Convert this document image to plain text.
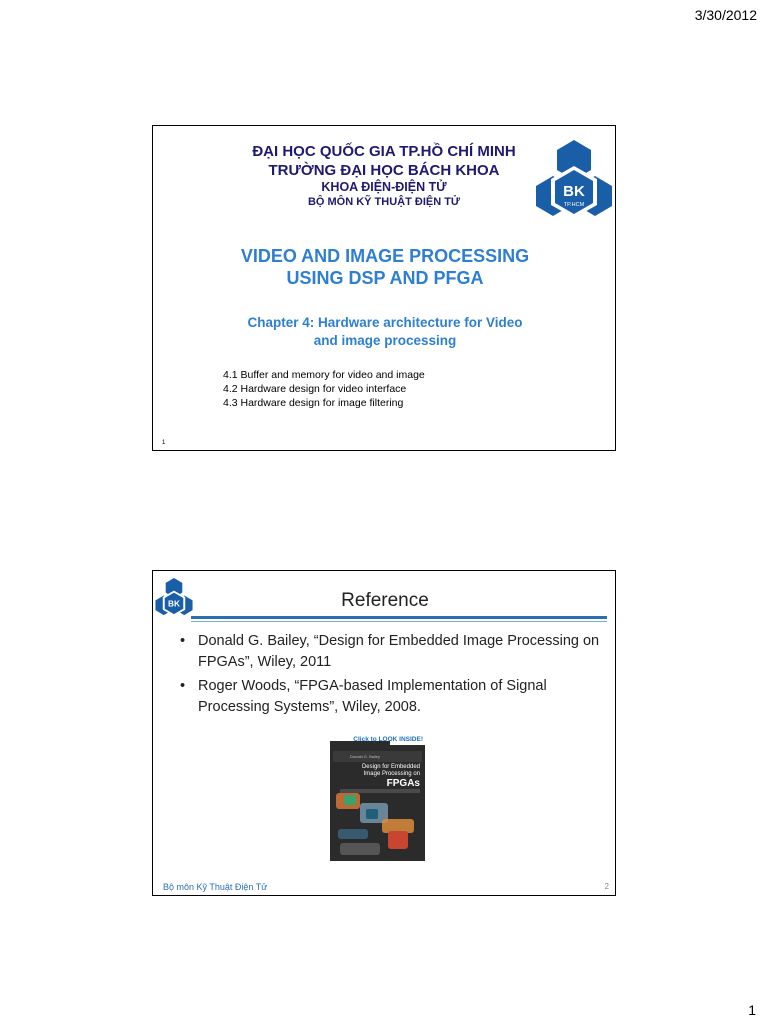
3/30/2012
ĐẠI HỌC QUỐC GIA TP.HỒ CHÍ MINH
TRƯỜNG ĐẠI HỌC BÁCH KHOA
KHOA ĐIỆN-ĐIỆN TỬ
BỘ MÔN KỸ THUẬT ĐIỆN TỬ
BK
TP.HCM
VIDEO AND IMAGE PROCESSING
USING DSP AND PFGA
Chapter 4: Hardware architecture for Video
and image processing
4.1 Buffer and memory for video and image
4.2 Hardware design for video interface
4.3 Hardware design for image filtering
1
BK	Reference
• Donald G. Bailey, “Design for Embedded Image Processing on FPGAs”, Wiley, 2011
• Roger Woods, “FPGA-based Implementation of Signal Processing Systems”, Wiley, 2008.
Click to LOOK INSIDE!
Donald G. Bailey
Design for Embedded
Image Processing on
FPGAs
Bộ môn Kỹ Thuật Điện Tử	2
1
